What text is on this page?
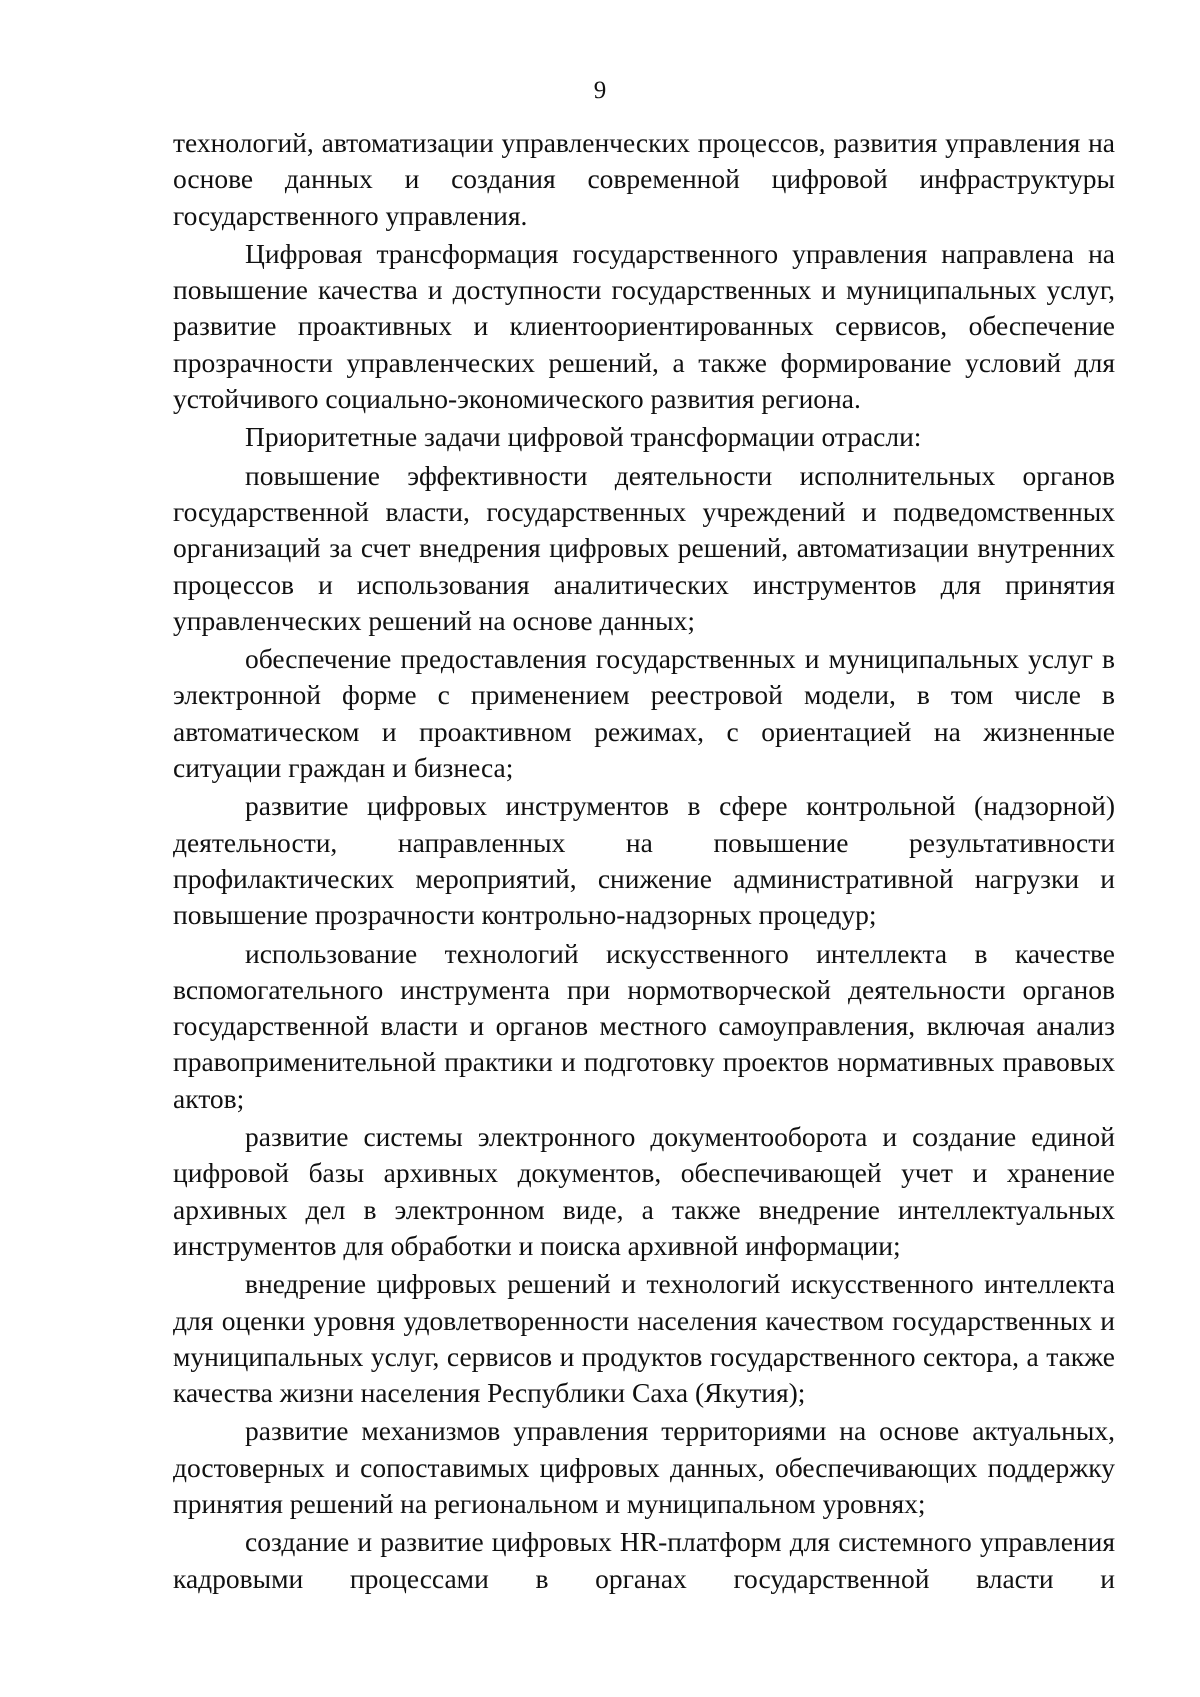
9

технологий, автоматизации управленческих процессов, развития управления на основе данных и создания современной цифровой инфраструктуры государственного управления.

Цифровая трансформация государственного управления направлена на повышение качества и доступности государственных и муниципальных услуг, развитие проактивных и клиентоориентированных сервисов, обеспечение прозрачности управленческих решений, а также формирование условий для устойчивого социально-экономического развития региона.

Приоритетные задачи цифровой трансформации отрасли:

повышение эффективности деятельности исполнительных органов государственной власти, государственных учреждений и подведомственных организаций за счет внедрения цифровых решений, автоматизации внутренних процессов и использования аналитических инструментов для принятия управленческих решений на основе данных;

обеспечение предоставления государственных и муниципальных услуг в электронной форме с применением реестровой модели, в том числе в автоматическом и проактивном режимах, с ориентацией на жизненные ситуации граждан и бизнеса;

развитие цифровых инструментов в сфере контрольной (надзорной) деятельности, направленных на повышение результативности профилактических мероприятий, снижение административной нагрузки и повышение прозрачности контрольно-надзорных процедур;

использование технологий искусственного интеллекта в качестве вспомогательного инструмента при нормотворческой деятельности органов государственной власти и органов местного самоуправления, включая анализ правоприменительной практики и подготовку проектов нормативных правовых актов;

развитие системы электронного документооборота и создание единой цифровой базы архивных документов, обеспечивающей учет и хранение архивных дел в электронном виде, а также внедрение интеллектуальных инструментов для обработки и поиска архивной информации;

внедрение цифровых решений и технологий искусственного интеллекта для оценки уровня удовлетворенности населения качеством государственных и муниципальных услуг, сервисов и продуктов государственного сектора, а также качества жизни населения Республики Саха (Якутия);

развитие механизмов управления территориями на основе актуальных, достоверных и сопоставимых цифровых данных, обеспечивающих поддержку принятия решений на региональном и муниципальном уровнях;

создание и развитие цифровых HR-платформ для системного управления кадровыми процессами в органах государственной власти и
